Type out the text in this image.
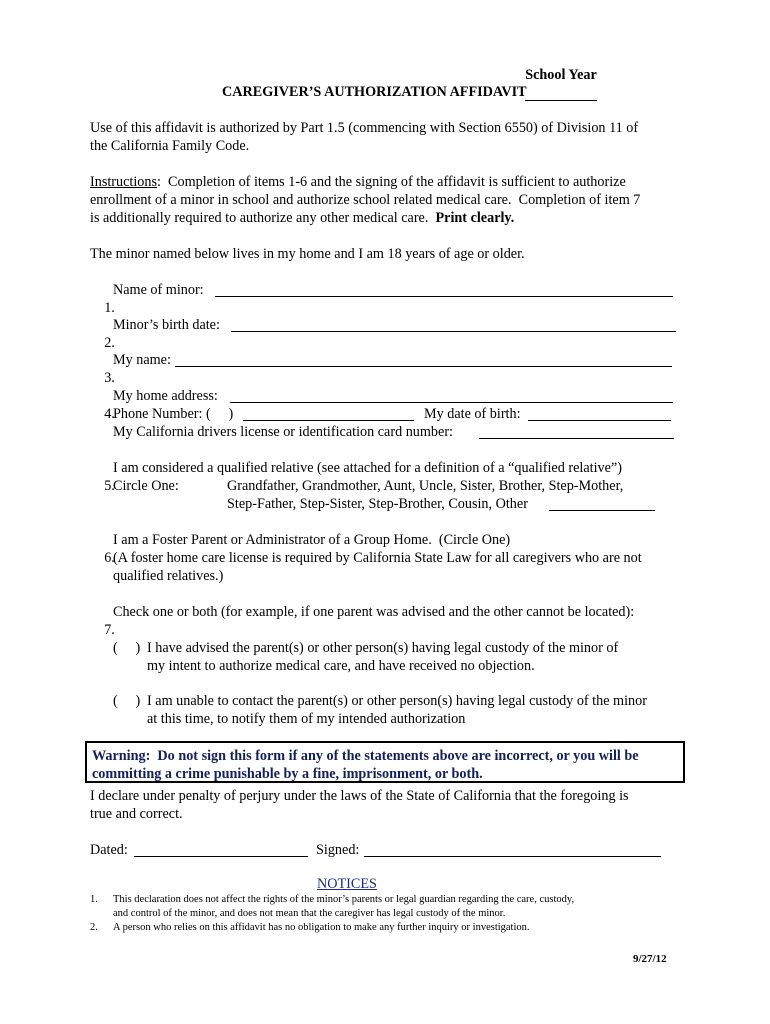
School Year

CAREGIVER’S AUTHORIZATION AFFIDAVIT
Use of this affidavit is authorized by Part 1.5 (commencing with Section 6550) of Division 11 of
the California Family Code.
Instructions:  Completion of items 1-6 and the signing of the affidavit is sufficient to authorize
enrollment of a minor in school and authorize school related medical care.  Completion of item 7
is additionally required to authorize any other medical care.  Print clearly.
The minor named below lives in my home and I am 18 years of age or older.

1.

Name of minor:

2.

Minor’s birth date:

3.

My name:

4.

My home address:

Phone Number: (     )	My date of birth:
My California drivers license or identification card number:

5.

I am considered a qualified relative (see attached for a definition of a “qualified relative”)

Circle One:	Grandfather, Grandmother, Aunt, Uncle, Sister, Brother, Step-Mother,
Step-Father, Step-Sister, Step-Brother, Cousin, Other

6.

I am a Foster Parent or Administrator of a Group Home.  (Circle One)

(A foster home care license is required by California State Law for all caregivers who are not
qualified relatives.)

7.

Check one or both (for example, if one parent was advised and the other cannot be located):

(     ) I have advised the parent(s) or other person(s) having legal custody of the minor of
my intent to authorize medical care, and have received no objection.
(     ) I am unable to contact the parent(s) or other person(s) having legal custody of the minor
at this time, to notify them of my intended authorization
Warning:  Do not sign this form if any of the statements above are incorrect, or you will be
committing a crime punishable by a fine, imprisonment, or both.
I declare under penalty of perjury under the laws of the State of California that the foregoing is
true and correct.
Dated:	Signed:
NOTICES
1. This declaration does not affect the rights of the minor’s parents or legal guardian regarding the care, custody,
and control of the minor, and does not mean that the caregiver has legal custody of the minor.
2. A person who relies on this affidavit has no obligation to make any further inquiry or investigation.
9/27/12
